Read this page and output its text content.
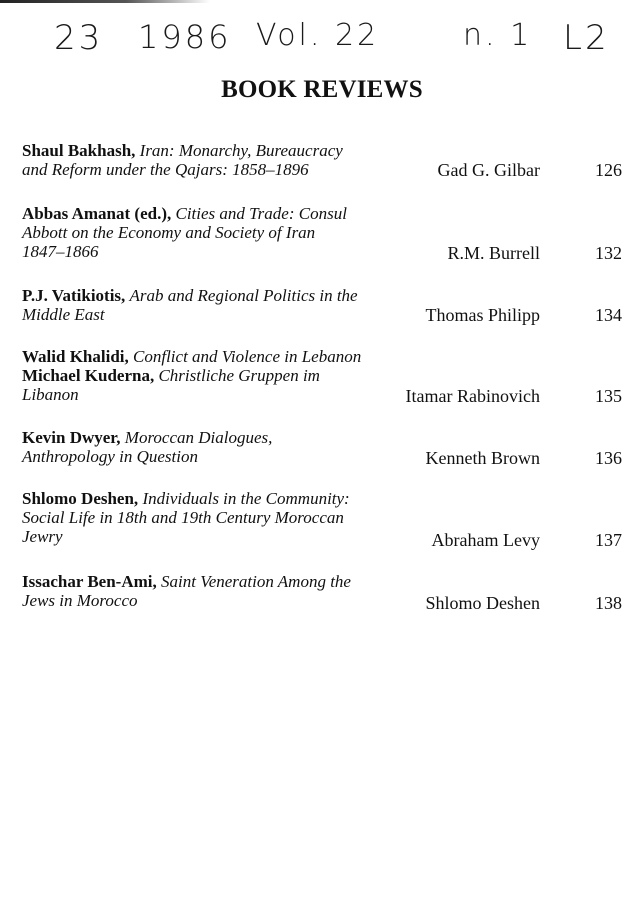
23 1986 Vol. 22	n. 1 L2
BOOK REVIEWS
Shaul Bakhash, Iran: Monarchy, Bureaucracy
and Reform under the Qajars: 1858–1896	Gad G. Gilbar	126
Abbas Amanat (ed.), Cities and Trade: Consul
Abbott on the Economy and Society of Iran
1847–1866	R.M. Burrell	132
P.J. Vatikiotis, Arab and Regional Politics in the
Middle East	Thomas Philipp	134
Walid Khalidi, Conflict and Violence in Lebanon
Michael Kuderna, Christliche Gruppen im
Libanon	Itamar Rabinovich	135
Kevin Dwyer, Moroccan Dialogues,
Anthropology in Question	Kenneth Brown	136
Shlomo Deshen, Individuals in the Community:
Social Life in 18th and 19th Century Moroccan
Jewry	Abraham Levy	137
Issachar Ben-Ami, Saint Veneration Among the
Jews in Morocco	Shlomo Deshen	138
